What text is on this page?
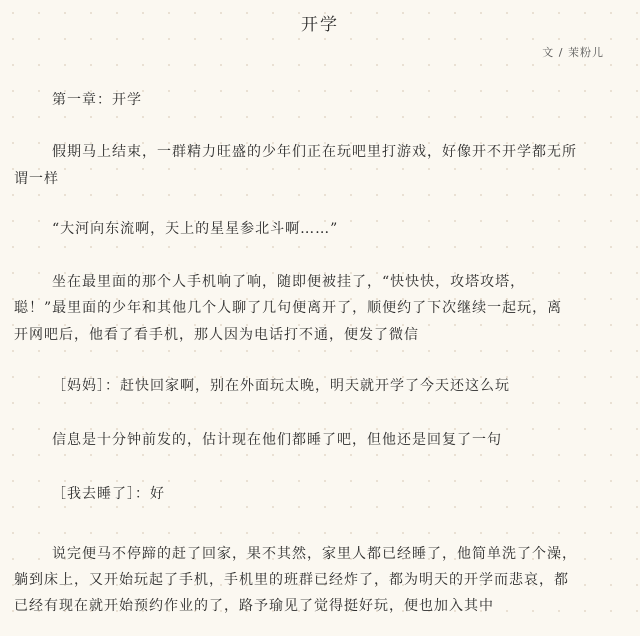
开学
文 / 茉粉儿
第一章：开学
假期马上结束，一群精力旺盛的少年们正在玩吧里打游戏，好像开不开学都无所
谓一样
“大河向东流啊，天上的星星参北斗啊……”
坐在最里面的那个人手机响了响，随即便被挂了，“快快快，攻塔攻塔，
聪！”最里面的少年和其他几个人聊了几句便离开了，顺便约了下次继续一起玩，离
开网吧后，他看了看手机，那人因为电话打不通，便发了微信
［妈妈］：赶快回家啊，别在外面玩太晚，明天就开学了今天还这么玩
信息是十分钟前发的，估计现在他们都睡了吧，但他还是回复了一句
［我去睡了］：好
说完便马不停蹄的赶了回家，果不其然，家里人都已经睡了，他简单洗了个澡，
躺到床上，又开始玩起了手机，手机里的班群已经炸了，都为明天的开学而悲哀，都
已经有现在就开始预约作业的了，路予瑜见了觉得挺好玩，便也加入其中
